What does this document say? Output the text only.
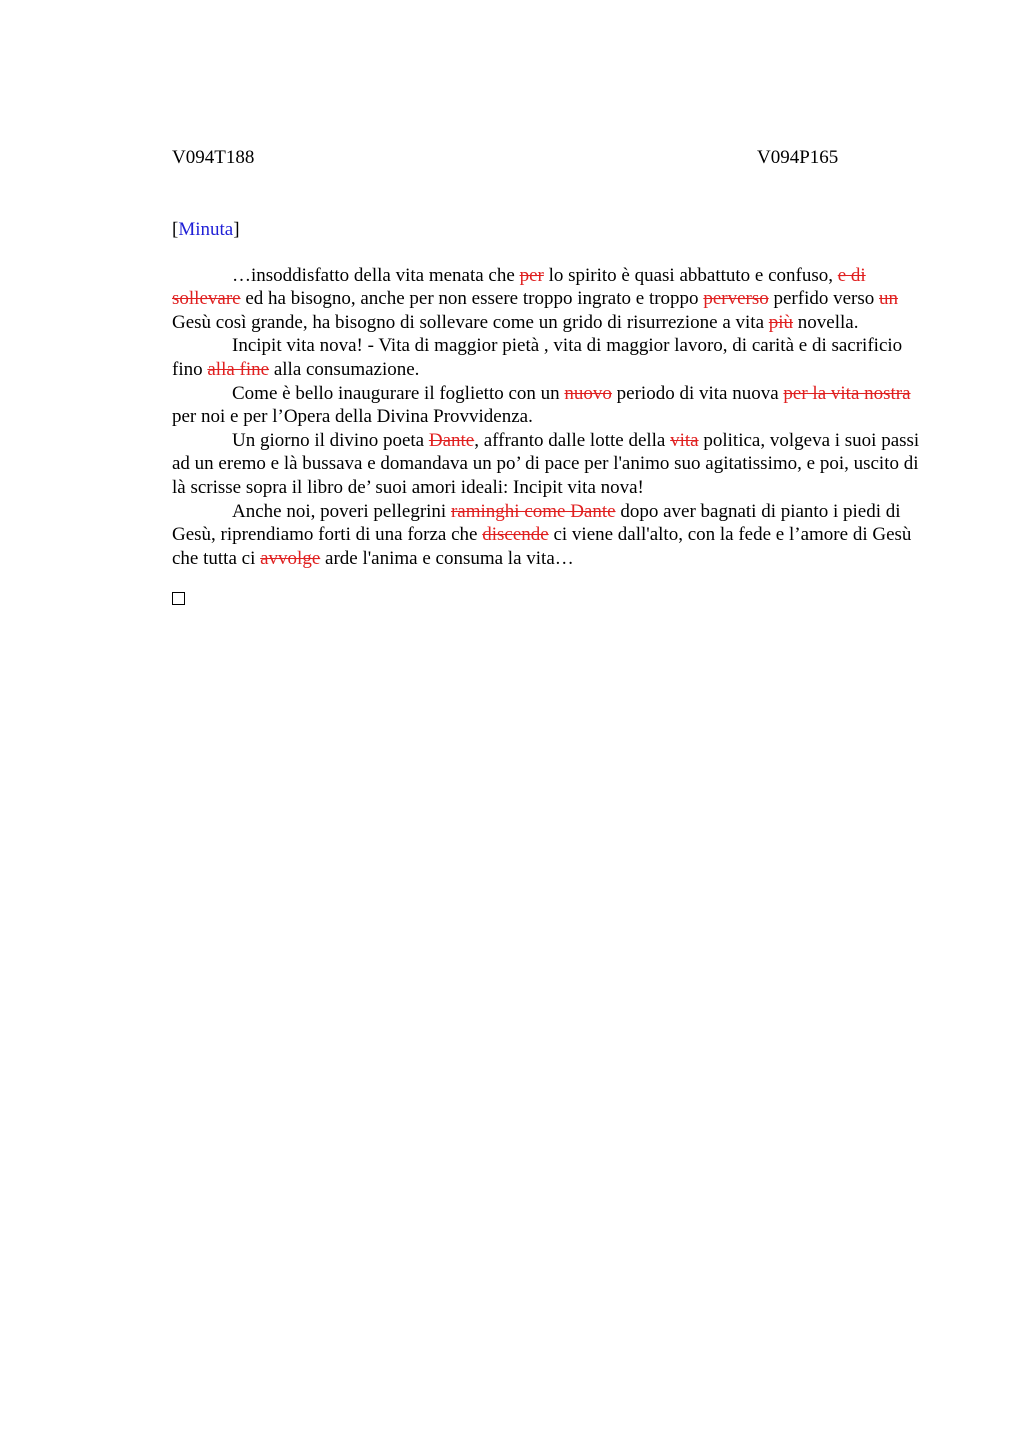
V094T188	V094P165
[Minuta]

…insoddisfatto della vita menata che per lo spirito è quasi abbattuto e confuso, e di sollevare ed ha bisogno, anche per non essere troppo ingrato e troppo perverso perfido verso un Gesù così grande, ha bisogno di sollevare come un grido di risurrezione a vita più novella.

Incipit vita nova! - Vita di maggior pietà , vita di maggior lavoro, di carità e di sacrificio fino alla fine alla consumazione.

Come è bello inaugurare il foglietto con un nuovo periodo di vita nuova per la vita nostra per noi e per l’Opera della Divina Provvidenza.

Un giorno il divino poeta Dante, affranto dalle lotte della vita politica, volgeva i suoi passi ad un eremo e là bussava e domandava un po’ di pace per l'animo suo agitatissimo, e poi, uscito di là scrisse sopra il libro de’ suoi amori ideali: Incipit vita nova!

Anche noi, poveri pellegrini raminghi come Dante dopo aver bagnati di pianto i piedi di Gesù, riprendiamo forti di una forza che discende ci viene dall'alto, con la fede e l’amore di Gesù che tutta ci avvolge arde l'anima e consuma la vita…
